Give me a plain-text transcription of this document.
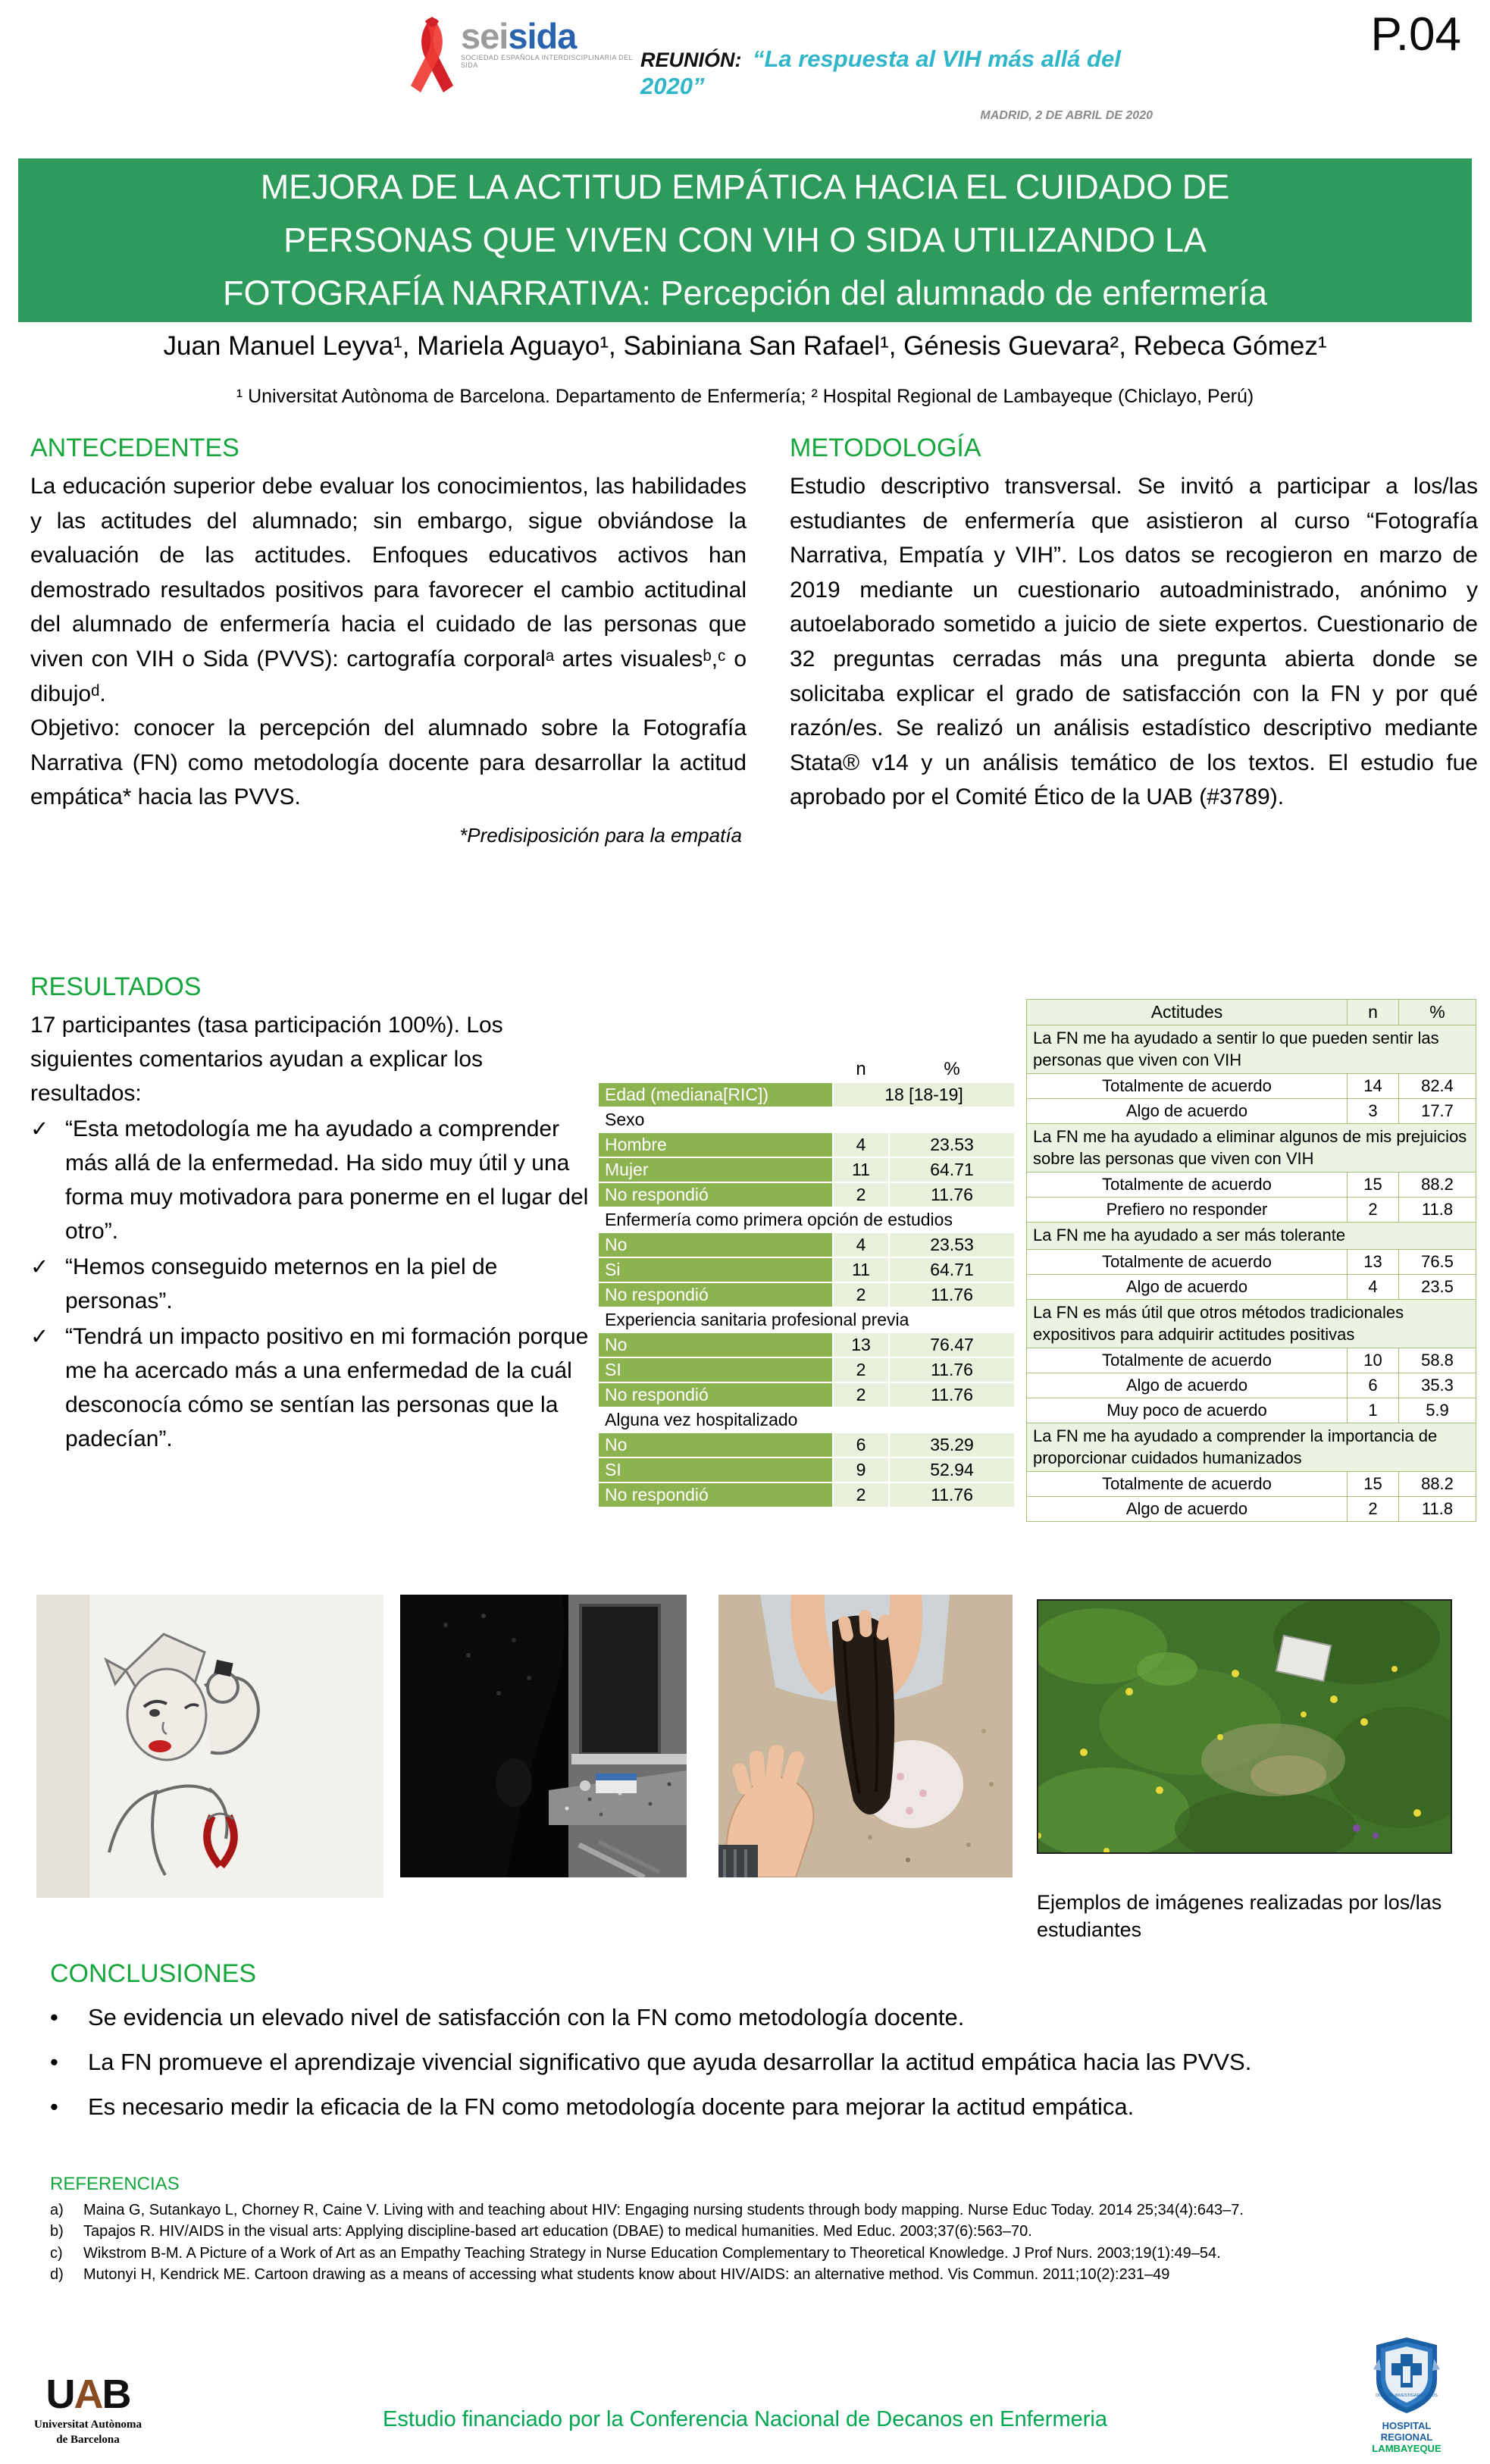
seisida
SOCIEDAD ESPAÑOLA INTERDISCIPLINARIA DEL SIDA	REUNIÓN: “La respuesta al VIH más allá del 2020”
MADRID, 2 DE ABRIL DE 2020
P.04
MEJORA DE LA ACTITUD EMPÁTICA HACIA EL CUIDADO DE
PERSONAS QUE VIVEN CON VIH O SIDA UTILIZANDO LA
FOTOGRAFÍA NARRATIVA: Percepción del alumnado de enfermería
Juan Manuel Leyva¹, Mariela Aguayo¹, Sabiniana San Rafael¹, Génesis Guevara², Rebeca Gómez¹
¹ Universitat Autònoma de Barcelona. Departamento de Enfermería; ² Hospital Regional de Lambayeque (Chiclayo, Perú)
ANTECEDENTES
La educación superior debe evaluar los conocimientos, las habilidades y las actitudes del alumnado; sin embargo, sigue obviándose la evaluación de las actitudes. Enfoques educativos activos han demostrado resultados positivos para favorecer el cambio actitudinal del alumnado de enfermería hacia el cuidado de las personas que viven con VIH o Sida (PVVS): cartografía corporalᵃ artes visualesᵇ,ᶜ o dibujoᵈ.
Objetivo: conocer la percepción del alumnado sobre la Fotografía Narrativa (FN) como metodología docente para desarrollar la actitud empática* hacia las PVVS.
*Predisiposición para la empatía
METODOLOGÍA
Estudio descriptivo transversal. Se invitó a participar a los/las estudiantes de enfermería que asistieron al curso “Fotografía Narrativa, Empatía y VIH”. Los datos se recogieron en marzo de 2019 mediante un cuestionario autoadministrado, anónimo y autoelaborado sometido a juicio de siete expertos. Cuestionario de 32 preguntas cerradas más una pregunta abierta donde se solicitaba explicar el grado de satisfacción con la FN y por qué razón/es. Se realizó un análisis estadístico descriptivo mediante Stata® v14 y un análisis temático de los textos. El estudio fue aprobado por el Comité Ético de la UAB (#3789).
RESULTADOS
17 participantes (tasa participación 100%). Los siguientes comentarios ayudan a explicar los resultados:
✓ “Esta metodología me ha ayudado a comprender más allá de la enfermedad. Ha sido muy útil y una forma muy motivadora para ponerme en el lugar del otro”.
✓ “Hemos conseguido meternos en la piel de personas”.
✓ “Tendrá un impacto positivo en mi formación porque me ha acercado más a una enfermedad de la cuál desconocía cómo se sentían las personas que la padecían”.
	n	%
Edad (mediana[RIC])	18 [18-19]	
Sexo		
Hombre	4	23.53
Mujer	11	64.71
No respondió	2	11.76
Enfermería como primera opción de estudios		
No	4	23.53
Si	11	64.71
No respondió	2	11.76
Experiencia sanitaria profesional previa		
No	13	76.47
SI	2	11.76
No respondió	2	11.76
Alguna vez hospitalizado		
No	6	35.29
SI	9	52.94
No respondió	2	11.76
Actitudes	n	%
La FN me ha ayudado a sentir lo que pueden sentir las personas que viven con VIH		
Totalmente de acuerdo	14	82.4
Algo de acuerdo	3	17.7
La FN me ha ayudado a eliminar algunos de mis prejuicios sobre las personas que viven con VIH		
Totalmente de acuerdo	15	88.2
Prefiero no responder	2	11.8
La FN me ha ayudado a ser más tolerante		
Totalmente de acuerdo	13	76.5
Algo de acuerdo	4	23.5
La FN es más útil que otros métodos tradicionales expositivos para adquirir actitudes positivas		
Totalmente de acuerdo	10	58.8
Algo de acuerdo	6	35.3
Muy poco de acuerdo	1	5.9
La FN me ha ayudado a comprender la importancia de proporcionar cuidados humanizados		
Totalmente de acuerdo	15	88.2
Algo de acuerdo	2	11.8
Ejemplos de imágenes realizadas por los/las estudiantes
CONCLUSIONES
•	Se evidencia un elevado nivel de satisfacción con la FN como metodología docente.
•	La FN promueve el aprendizaje vivencial significativo que ayuda desarrollar la actitud empática hacia las PVVS.
•	Es necesario medir la eficacia de la FN como metodología docente para mejorar la actitud empática.
REFERENCIAS
a)	Maina G, Sutankayo L, Chorney R, Caine V. Living with and teaching about HIV: Engaging nursing students through body mapping. Nurse Educ Today. 2014 25;34(4):643–7.
b)	Tapajos R. HIV/AIDS in the visual arts: Applying discipline-based art education (DBAE) to medical humanities. Med Educ. 2003;37(6):563–70.
c)	Wikstrom B-M. A Picture of a Work of Art as an Empathy Teaching Strategy in Nurse Education Complementary to Theoretical Knowledge. J Prof Nurs. 2003;19(1):49–54.
d)	Mutonyi H, Kendrick ME. Cartoon drawing as a means of accessing what students know about HIV/AIDS: an alternative method. Vis Commun. 2011;10(2):231–49
UAB
Universitat Autònoma
de Barcelona
Estudio financiado por la Conferencia Nacional de Decanos en Enfermeria
DOCERE INVESTIGARE SALUS
HOSPITAL REGIONAL
LAMBAYEQUE
